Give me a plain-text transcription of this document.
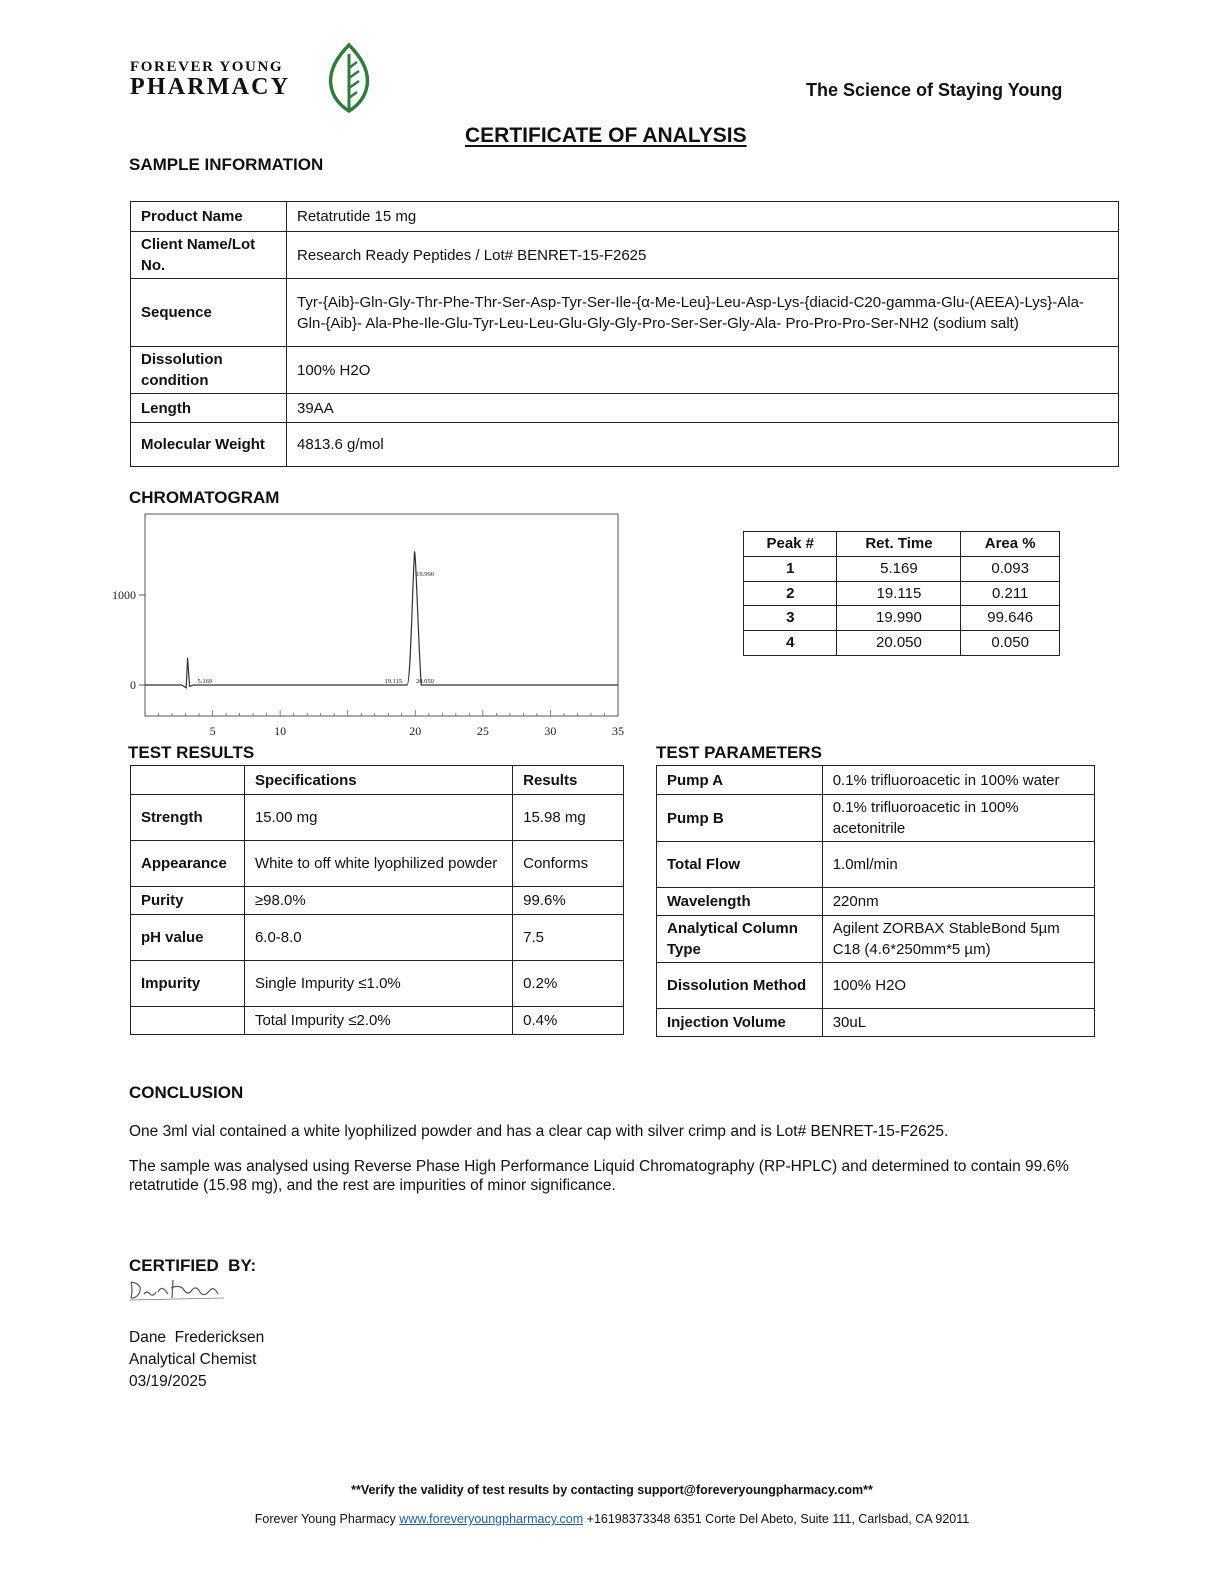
FOREVER YOUNG
PHARMACY	The Science of Staying Young
CERTIFICATE OF ANALYSIS
SAMPLE INFORMATION
Product Name	Retatrutide 15 mg
Client Name/Lot No.	Research Ready Peptides / Lot# BENRET-15-F2625
Sequence	Tyr-{Aib}-Gln-Gly-Thr-Phe-Thr-Ser-Asp-Tyr-Ser-Ile-{α-Me-Leu}-Leu-Asp-Lys-{diacid-C20-gamma-Glu-(AEEA)-Lys}-Ala-Gln-{Aib}- Ala-Phe-Ile-Glu-Tyr-Leu-Leu-Glu-Gly-Gly-Pro-Ser-Ser-Gly-Ala- Pro-Pro-Pro-Ser-NH2 (sodium salt)
Dissolution condition	100% H2O
Length	39AA
Molecular Weight	4813.6 g/mol
CHROMATOGRAM
0
1000
5	10	20	25	30	35
5.169	19.115
19.990
20.050
Peak #	Ret. Time	Area %
1	5.169	0.093
2	19.115	0.211
3	19.990	99.646
4	20.050	0.050
TEST RESULTS
	Specifications	Results
Strength	15.00 mg	15.98 mg
Appearance	White to off white lyophilized powder	Conforms
Purity	≥98.0%	99.6%
pH value	6.0-8.0	7.5
Impurity	Single Impurity ≤1.0%	0.2%
	Total Impurity ≤2.0%	0.4%
TEST PARAMETERS
Pump A	0.1% trifluoroacetic in 100% water
Pump B	0.1% trifluoroacetic in 100% acetonitrile
Total Flow	1.0ml/min
Wavelength	220nm
Analytical Column Type	Agilent ZORBAX StableBond 5µm C18 (4.6*250mm*5 µm)
Dissolution Method	100% H2O
Injection Volume	30uL
CONCLUSION

One 3ml vial contained a white lyophilized powder and has a clear cap with silver crimp and is Lot# BENRET-15-F2625.

The sample was analysed using Reverse Phase High Performance Liquid Chromatography (RP-HPLC) and determined to contain 99.6% retatrutide (15.98 mg), and the rest are impurities of minor significance.

CERTIFIED  BY:
Dane  Fredericksen
Analytical Chemist
03/19/2025
**Verify the validity of test results by contacting support@foreveryoungpharmacy.com**
Forever Young Pharmacy www.foreveryoungpharmacy.com +16198373348 6351 Corte Del Abeto, Suite 111, Carlsbad, CA 92011
